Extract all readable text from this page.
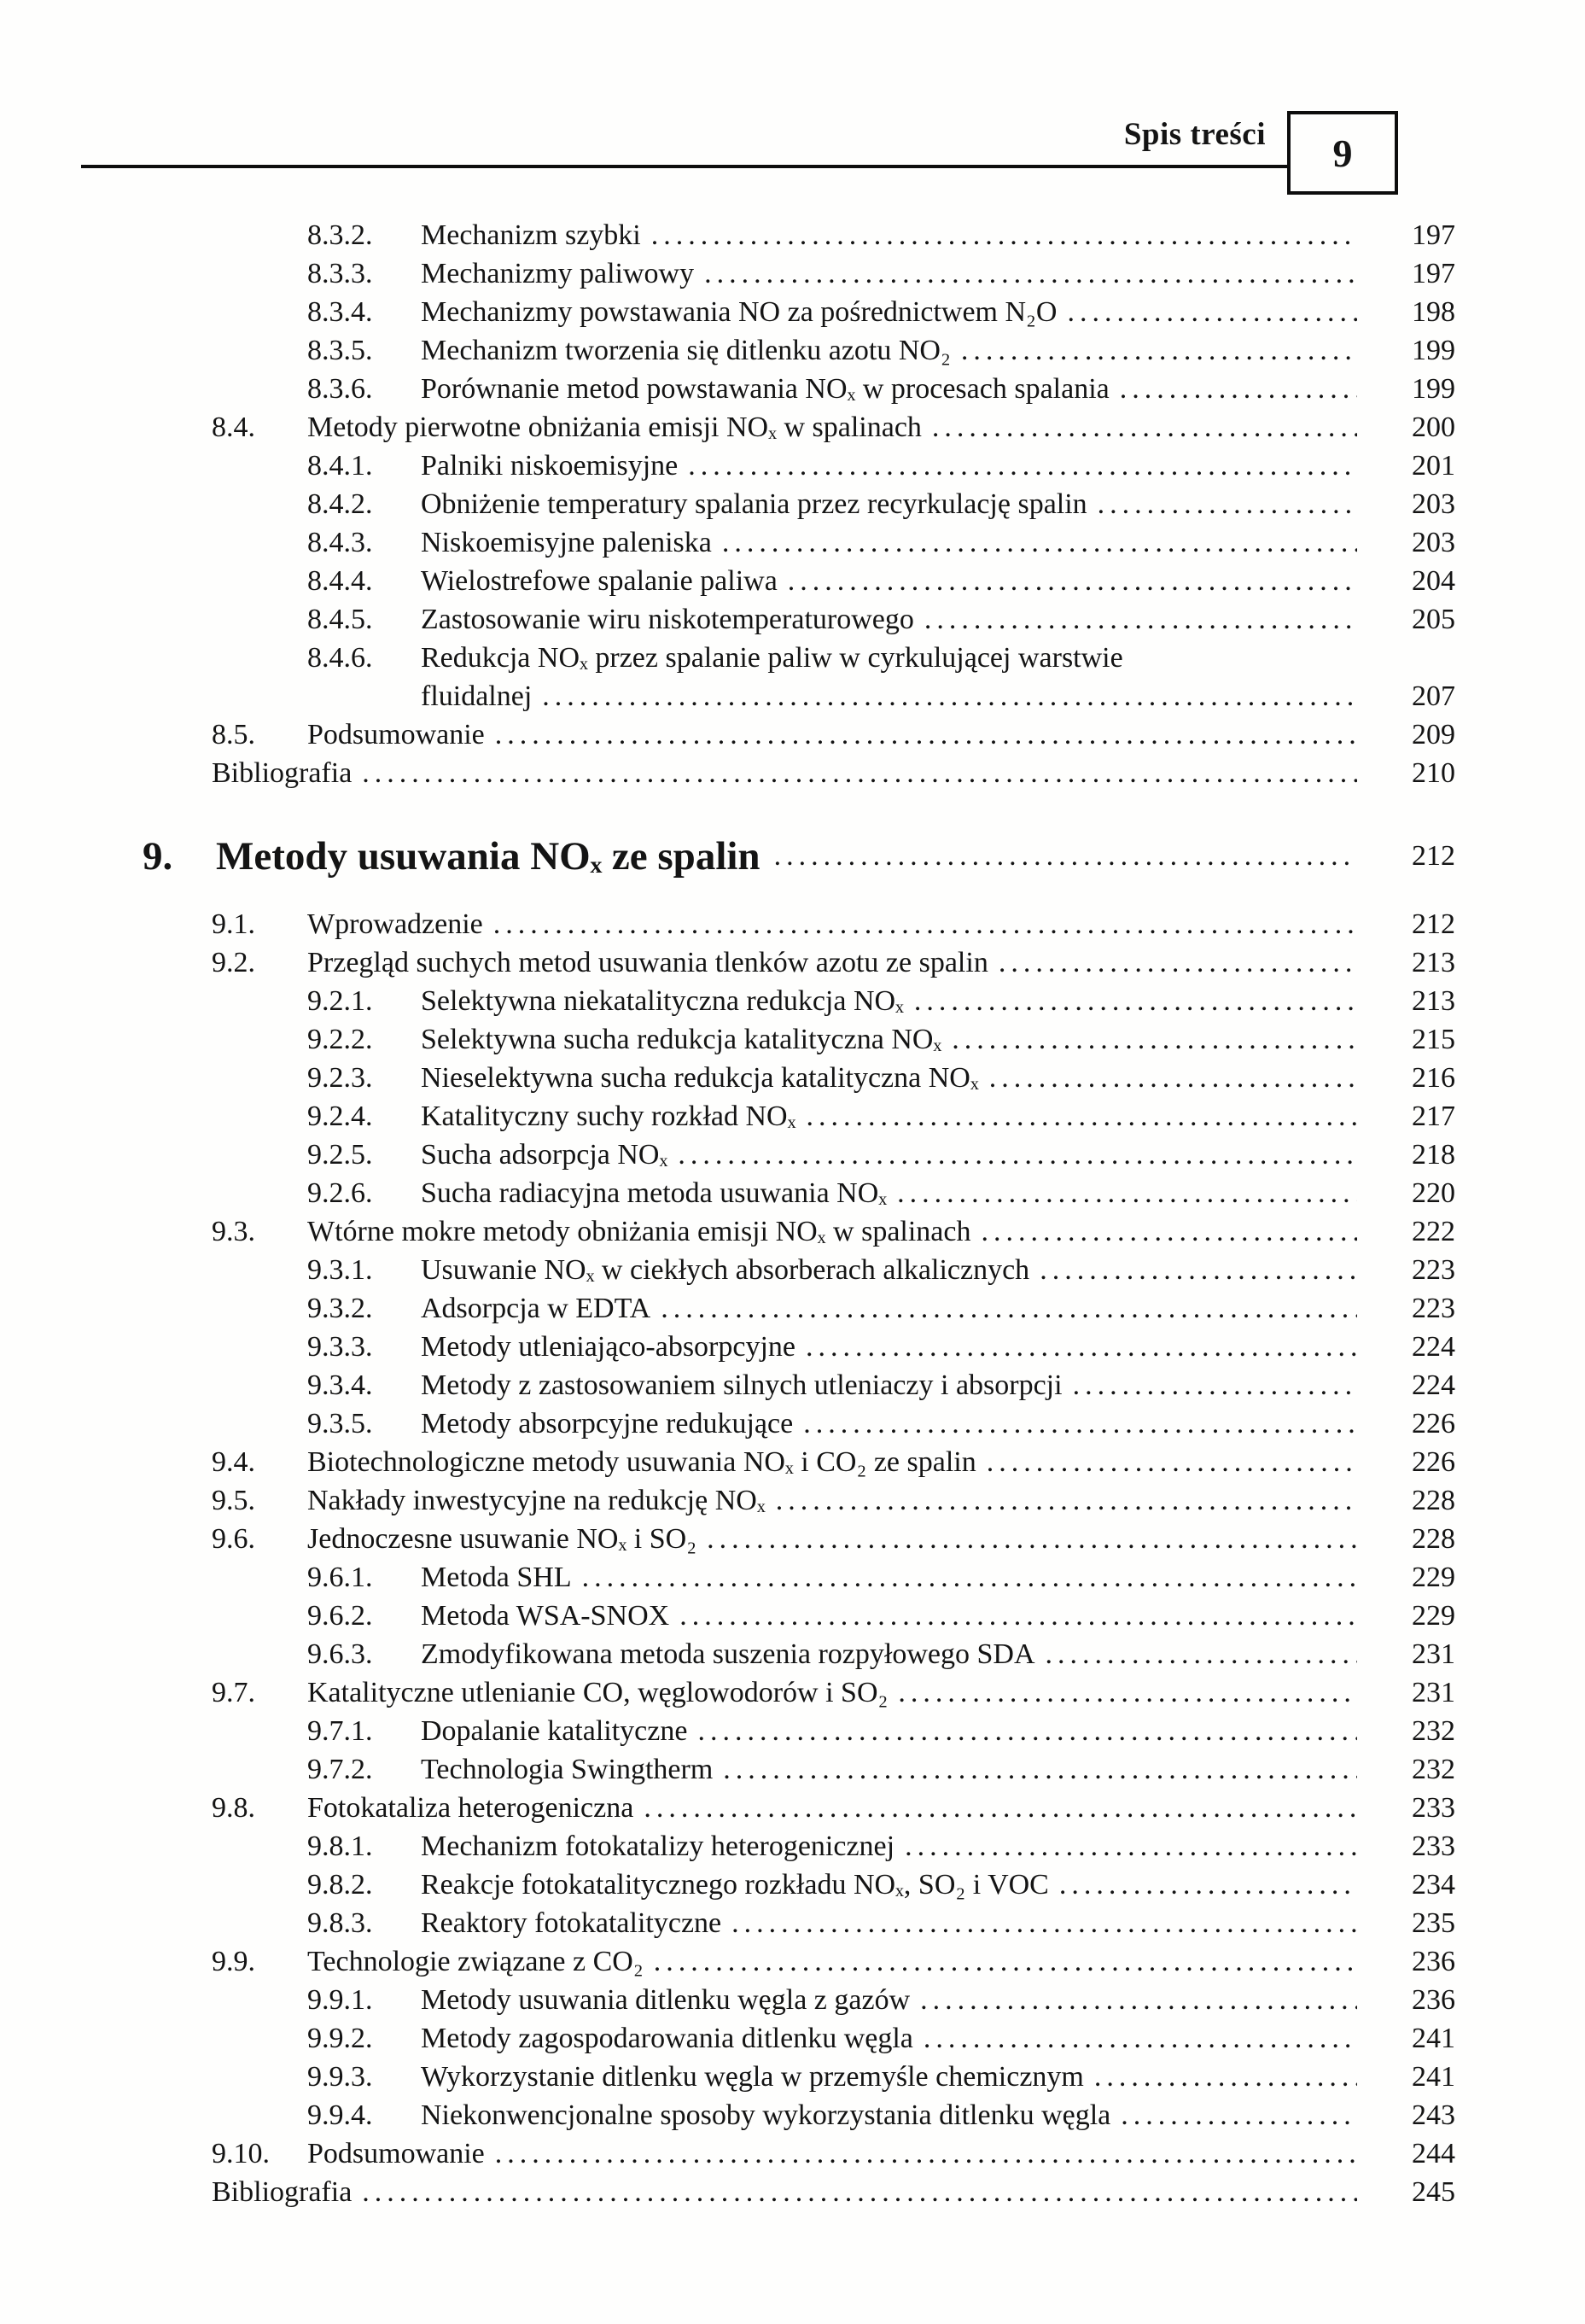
Spis treści 9
8.3.2.	Mechanizm szybki .....	197
8.3.3.	Mechanizmy paliwowy .....	197
8.3.4.	Mechanizmy powstawania NO za pośrednictwem N₂O .....	198
8.3.5.	Mechanizm tworzenia się ditlenku azotu NO₂ .....	199
8.3.6.	Porównanie metod powstawania NOₓ w procesach spalania .....	199
8.4.	Metody pierwotne obniżania emisji NOₓ w spalinach .....	200
8.4.1.	Palniki niskoemisyjne .....	201
8.4.2.	Obniżenie temperatury spalania przez recyrkulację spalin .....	203
8.4.3.	Niskoemisyjne paleniska .....	203
8.4.4.	Wielostrefowe spalanie paliwa .....	204
8.4.5.	Zastosowanie wiru niskotemperaturowego .....	205
8.4.6.	Redukcja NOₓ przez spalanie paliw w cyrkulującej warstwie
fluidalnej .....	207
8.5.	Podsumowanie .....	209
Bibliografia .....	210
9.	Metody usuwania NOₓ ze spalin .....	212
9.1.	Wprowadzenie .....	212
9.2.	Przegląd suchych metod usuwania tlenków azotu ze spalin .....	213
9.2.1.	Selektywna niekatalityczna redukcja NOₓ .....	213
9.2.2.	Selektywna sucha redukcja katalityczna NOₓ .....	215
9.2.3.	Nieselektywna sucha redukcja katalityczna NOₓ .....	216
9.2.4.	Katalityczny suchy rozkład NOₓ .....	217
9.2.5.	Sucha adsorpcja NOₓ .....	218
9.2.6.	Sucha radiacyjna metoda usuwania NOₓ .....	220
9.3.	Wtórne mokre metody obniżania emisji NOₓ w spalinach .....	222
9.3.1.	Usuwanie NOₓ w ciekłych absorberach alkalicznych .....	223
9.3.2.	Adsorpcja w EDTA .....	223
9.3.3.	Metody utleniająco-absorpcyjne .....	224
9.3.4.	Metody z zastosowaniem silnych utleniaczy i absorpcji .....	224
9.3.5.	Metody absorpcyjne redukujące .....	226
9.4.	Biotechnologiczne metody usuwania NOₓ i CO₂ ze spalin .....	226
9.5.	Nakłady inwestycyjne na redukcję NOₓ .....	228
9.6.	Jednoczesne usuwanie NOₓ i SO₂ .....	228
9.6.1.	Metoda SHL .....	229
9.6.2.	Metoda WSA-SNOX .....	229
9.6.3.	Zmodyfikowana metoda suszenia rozpyłowego SDA .....	231
9.7.	Katalityczne utlenianie CO, węglowodorów i SO₂ .....	231
9.7.1.	Dopalanie katalityczne .....	232
9.7.2.	Technologia Swingtherm .....	232
9.8.	Fotokataliza heterogeniczna .....	233
9.8.1.	Mechanizm fotokatalizy heterogenicznej .....	233
9.8.2.	Reakcje fotokatalitycznego rozkładu NOₓ, SO₂ i VOC .....	234
9.8.3.	Reaktory fotokatalityczne .....	235
9.9.	Technologie związane z CO₂ .....	236
9.9.1.	Metody usuwania ditlenku węgla z gazów .....	236
9.9.2.	Metody zagospodarowania ditlenku węgla .....	241
9.9.3.	Wykorzystanie ditlenku węgla w przemyśle chemicznym .....	241
9.9.4.	Niekonwencjonalne sposoby wykorzystania ditlenku węgla .....	243
9.10.	Podsumowanie .....	244
Bibliografia .....	245
